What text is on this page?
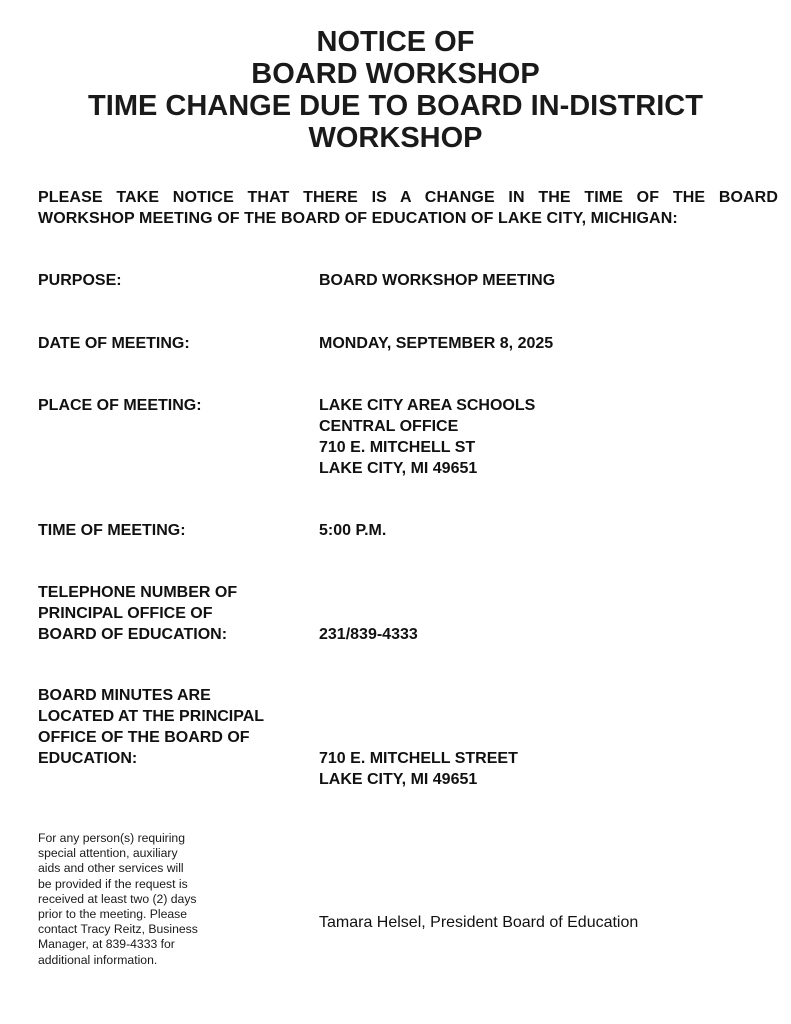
NOTICE OF
BOARD WORKSHOP
TIME CHANGE DUE TO BOARD IN-DISTRICT
WORKSHOP
PLEASE TAKE NOTICE THAT THERE IS A CHANGE IN THE TIME OF THE BOARD
WORKSHOP MEETING OF THE BOARD OF EDUCATION OF LAKE CITY, MICHIGAN:
PURPOSE:	BOARD WORKSHOP MEETING
DATE OF MEETING:	MONDAY, SEPTEMBER 8, 2025
PLACE OF MEETING:	LAKE CITY AREA SCHOOLS
CENTRAL OFFICE
710 E. MITCHELL ST
LAKE CITY, MI 49651
TIME OF MEETING:	5:00 P.M.
TELEPHONE NUMBER OF
PRINCIPAL OFFICE OF
BOARD OF EDUCATION:	231/839-4333
BOARD MINUTES ARE
LOCATED AT THE PRINCIPAL
OFFICE OF THE BOARD OF
EDUCATION:	710 E. MITCHELL STREET
LAKE CITY, MI 49651
For any person(s) requiring
special attention, auxiliary
aids and other services will
be provided if the request is
received at least two (2) days
prior to the meeting. Please
contact Tracy Reitz, Business
Manager, at 839-4333 for
additional information.
Tamara Helsel, President Board of Education
